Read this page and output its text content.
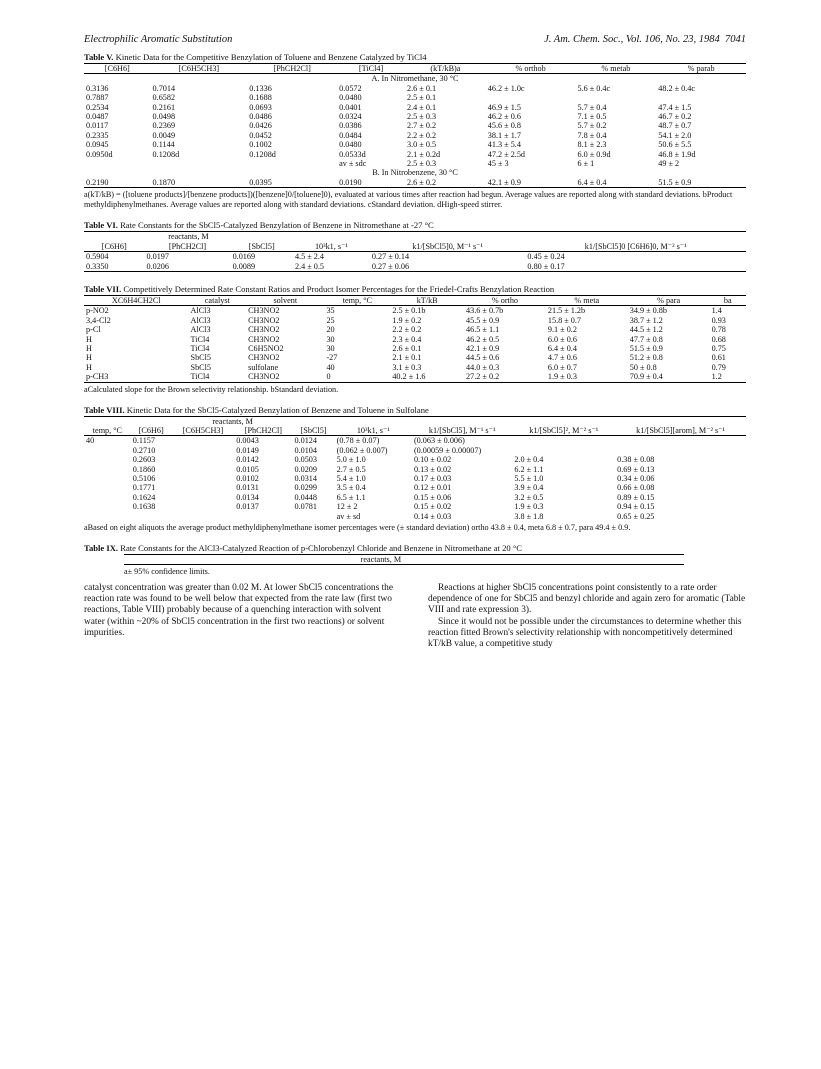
Electrophilic Aromatic Substitution	J. Am. Chem. Soc., Vol. 106, No. 23, 1984 7041

Table V. Kinetic Data for the Competitive Benzylation of Toluene and Benzene Catalyzed by TiCl4

[C6H6]	[C6H5CH3]	[PhCH2Cl]	[TiCl4]	(kT/kB)a	% orthob	% metab	% parab
A. In Nitromethane, 30 °C							
0.3136	0.7014	0.1336	0.0572	2.6 ± 0.1	46.2 ± 1.0c	5.6 ± 0.4c	48.2 ± 0.4c
0.7887	0.6582	0.1688	0.0480	2.5 ± 0.1			
0.2534	0.2161	0.0693	0.0401	2.4 ± 0.1	46.9 ± 1.5	5.7 ± 0.4	47.4 ± 1.5
0.0487	0.0498	0.0486	0.0324	2.5 ± 0.3	46.2 ± 0.6	7.1 ± 0.5	46.7 ± 0.2
0.0117	0.2369	0.0426	0.0386	2.7 ± 0.2	45.6 ± 0.8	5.7 ± 0.2	48.7 ± 0.7
0.2335	0.0049	0.0452	0.0484	2.2 ± 0.2	38.1 ± 1.7	7.8 ± 0.4	54.1 ± 2.0
0.0945	0.1144	0.1002	0.0480	3.0 ± 0.5	41.3 ± 5.4	8.1 ± 2.3	50.6 ± 5.5
0.0950d	0.1208d	0.1208d	0.0533d	2.1 ± 0.2d	47.2 ± 2.5d	6.0 ± 0.9d	46.8 ± 1.9d
			av ± sdc	2.5 ± 0.3	45 ± 3	6 ± 1	49 ± 2
B. In Nitrobenzene, 30 °C							
0.2190	0.1870	0.0395	0.0190	2.6 ± 0.2	42.1 ± 0.9	6.4 ± 0.4	51.5 ± 0.9
a(kT/kB) = ([toluene products]/[benzene products])([benzene]0/[toluene]0), evaluated at various times after reaction had begun. Average values are reported along with standard deviations. bProduct methyldiphenylmethanes. Average values are reported along with standard deviations. cStandard deviation. dHigh-speed stirrer.

Table VI. Rate Constants for the SbCl5-Catalyzed Benzylation of Benzene in Nitromethane at -27 °C

reactants, M					
[C6H6]	[PhCH2Cl]	[SbCl5]	10³k1, s⁻¹	k1/[SbCl5]0, M⁻¹ s⁻¹	k1/[SbCl5]0 [C6H6]0, M⁻² s⁻¹
0.5904	0.0197	0.0169	4.5 ± 2.4	0.27 ± 0.14	0.45 ± 0.24
0.3350	0.0206	0.0089	2.4 ± 0.5	0.27 ± 0.06	0.80 ± 0.17

Table VII. Competitively Determined Rate Constant Ratios and Product Isomer Percentages for the Friedel-Crafts Benzylation Reaction

XC6H4CH2Cl	catalyst	solvent	temp, °C	kT/kB	% ortho	% meta	% para	ba
p-NO2	AlCl3	CH3NO2	35	2.5 ± 0.1b	43.6 ± 0.7b	21.5 ± 1.2b	34.9 ± 0.8b	1.4
3,4-Cl2	AlCl3	CH3NO2	25	1.9 ± 0.2	45.5 ± 0.9	15.8 ± 0.7	38.7 ± 1.2	0.93
p-Cl	AlCl3	CH3NO2	20	2.2 ± 0.2	46.5 ± 1.1	9.1 ± 0.2	44.5 ± 1.2	0.78
H	TiCl4	CH3NO2	30	2.3 ± 0.4	46.2 ± 0.5	6.0 ± 0.6	47.7 ± 0.8	0.68
H	TiCl4	C6H5NO2	30	2.6 ± 0.1	42.1 ± 0.9	6.4 ± 0.4	51.5 ± 0.9	0.75
H	SbCl5	CH3NO2	-27	2.1 ± 0.1	44.5 ± 0.6	4.7 ± 0.6	51.2 ± 0.8	0.61
H	SbCl5	sulfolane	40	3.1 ± 0.3	44.0 ± 0.3	6.0 ± 0.7	50 ± 0.8	0.79
p-CH3	TiCl4	CH3NO2	0	40.2 ± 1.6	27.2 ± 0.2	1.9 ± 0.3	70.9 ± 0.4	1.2
aCalculated slope for the Brown selectivity relationship. bStandard deviation.

Table VIII. Kinetic Data for the SbCl5-Catalyzed Benzylation of Benzene and Toluene in Sulfolane

	reactants, M							
temp, °C	[C6H6]	[C6H5CH3]	[PhCH2Cl]	[SbCl5]	10³k1, s⁻¹	k1/[SbCl5], M⁻¹ s⁻¹	k1/[SbCl5]², M⁻² s⁻¹	k1/[SbCl5][arom], M⁻² s⁻¹
40	0.1157		0.0043	0.0124	(0.78 ± 0.07)	(0.063 ± 0.006)		
	0.2710		0.0149	0.0104	(0.062 ± 0.007)	(0.00059 ± 0.00007)		
	0.2603		0.0142	0.0503	5.0 ± 1.0	0.10 ± 0.02	2.0 ± 0.4	0.38 ± 0.08
	0.1860		0.0105	0.0209	2.7 ± 0.5	0.13 ± 0.02	6.2 ± 1.1	0.69 ± 0.13
	0.5106		0.0102	0.0314	5.4 ± 1.0	0.17 ± 0.03	5.5 ± 1.0	0.34 ± 0.06
	0.1771		0.0131	0.0299	3.5 ± 0.4	0.12 ± 0.01	3.9 ± 0.4	0.66 ± 0.08
	0.1624		0.0134	0.0448	6.5 ± 1.1	0.15 ± 0.06	3.2 ± 0.5	0.89 ± 0.15
	0.1638		0.0137	0.0781	12 ± 2	0.15 ± 0.02	1.9 ± 0.3	0.94 ± 0.15
					av ± sd	0.14 ± 0.03	3.8 ± 1.8	0.65 ± 0.25
aBased on eight aliquots the average product methyldiphenylmethane isomer percentages were (± standard deviation) ortho 43.8 ± 0.4, meta 6.8 ± 0.7, para 49.4 ± 0.9.

Table IX. Rate Constants for the AlCl3-Catalyzed Reaction of p-Chlorobenzyl Chloride and Benzene in Nitromethane at 20 °C

reactants, M	

a± 95% confidence limits.
catalyst concentration was greater than 0.02 M. At lower SbCl5 concentrations the reaction rate was found to be well below that expected from the rate law (first two reactions, Table VIII) probably because of a quenching interaction with solvent water (within ~20% of SbCl5 concentration in the first two reactions) or solvent impurities.

Reactions at higher SbCl5 concentrations point consistently to a rate order dependence of one for SbCl5 and benzyl chloride and again zero for aromatic (Table VIII and rate expression 3).

Since it would not be possible under the circumstances to determine whether this reaction fitted Brown's selectivity relationship with noncompetitively determined kT/kB value, a competitive study
